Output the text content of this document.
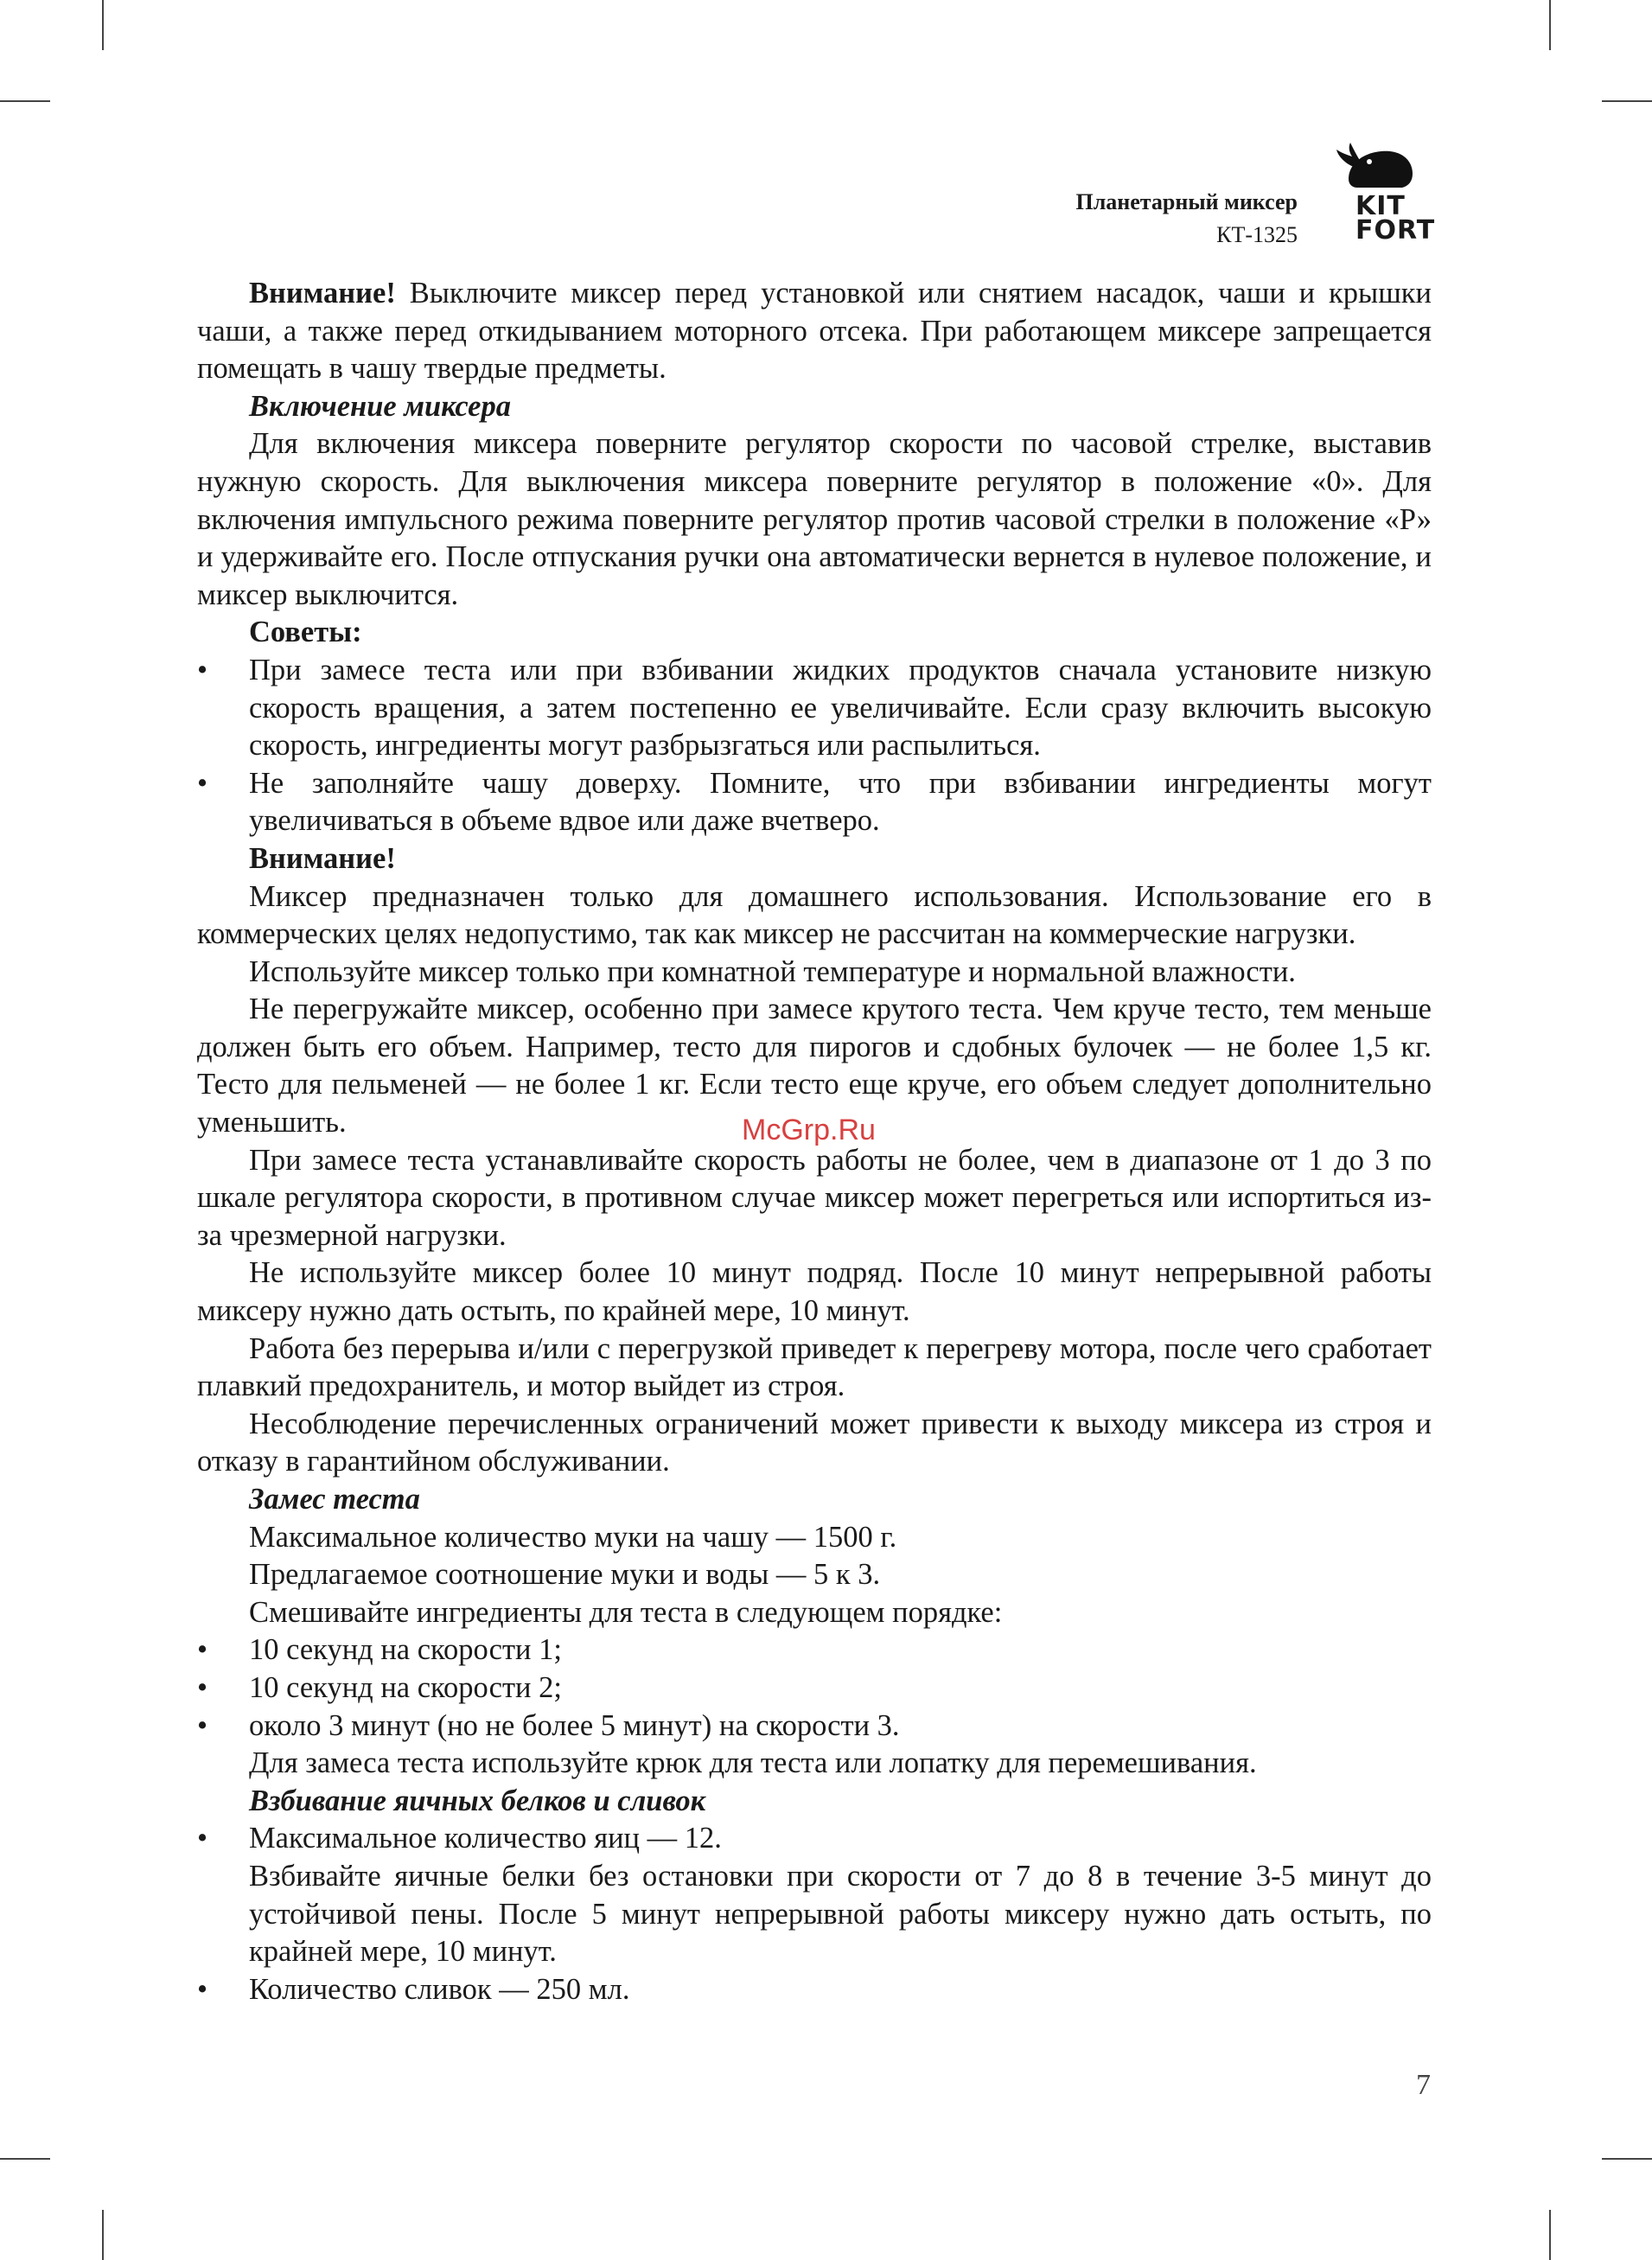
Планетарный миксер
КТ-1325
KIT
FORT

Внимание! Выключите миксер перед установкой или снятием насадок, чаши и крышки чаши, а также перед откидыванием моторного отсека. При работающем миксере запрещается помещать в чашу твердые предметы.

Включение миксера

Для включения миксера поверните регулятор скорости по часовой стрелке, выставив нужную скорость. Для выключения миксера поверните регулятор в положение «0». Для включения импульсного режима поверните регулятор против часовой стрелки в положение «Р» и удерживайте его. После отпускания ручки она автоматически вернется в нулевое положение, и миксер выключится.

Советы:

• При замесе теста или при взбивании жидких продуктов сначала установите низкую скорость вращения, а затем постепенно ее увеличивайте. Если сразу включить высокую скорость, ингредиенты могут разбрызгаться или распылиться.

• Не заполняйте чашу доверху. Помните, что при взбивании ингредиенты могут увеличиваться в объеме вдвое или даже вчетверо.

Внимание!

Миксер предназначен только для домашнего использования. Использование его в коммерческих целях недопустимо, так как миксер не рассчитан на коммерческие нагрузки.

Используйте миксер только при комнатной температуре и нормальной влажности.

Не перегружайте миксер, особенно при замесе крутого теста. Чем круче тесто, тем меньше должен быть его объем. Например, тесто для пирогов и сдобных булочек — не более 1,5 кг. Тесто для пельменей — не более 1 кг. Если тесто еще круче, его объем следует дополнительно уменьшить.

При замесе теста устанавливайте скорость работы не более, чем в диапазоне от 1 до 3 по шкале регулятора скорости, в противном случае миксер может перегреться или испортиться из-за чрезмерной нагрузки.

Не используйте миксер более 10 минут подряд. После 10 минут непрерывной работы миксеру нужно дать остыть, по крайней мере, 10 минут.

Работа без перерыва и/или с перегрузкой приведет к перегреву мотора, после чего сработает плавкий предохранитель, и мотор выйдет из строя.

Несоблюдение перечисленных ограничений может привести к выходу миксера из строя и отказу в гарантийном обслуживании.

Замес теста

Максимальное количество муки на чашу — 1500 г.

Предлагаемое соотношение муки и воды — 5 к 3.

Смешивайте ингредиенты для теста в следующем порядке:

• 10 секунд на скорости 1;

• 10 секунд на скорости 2;

• около 3 минут (но не более 5 минут) на скорости 3.

Для замеса теста используйте крюк для теста или лопатку для перемешивания.

Взбивание яичных белков и сливок

• Максимальное количество яиц — 12.

Взбивайте яичные белки без остановки при скорости от 7 до 8 в течение 3-5 минут до устойчивой пены. После 5 минут непрерывной работы миксеру нужно дать остыть, по крайней мере, 10 минут.

• Количество сливок — 250 мл.

McGrp.Ru
7
